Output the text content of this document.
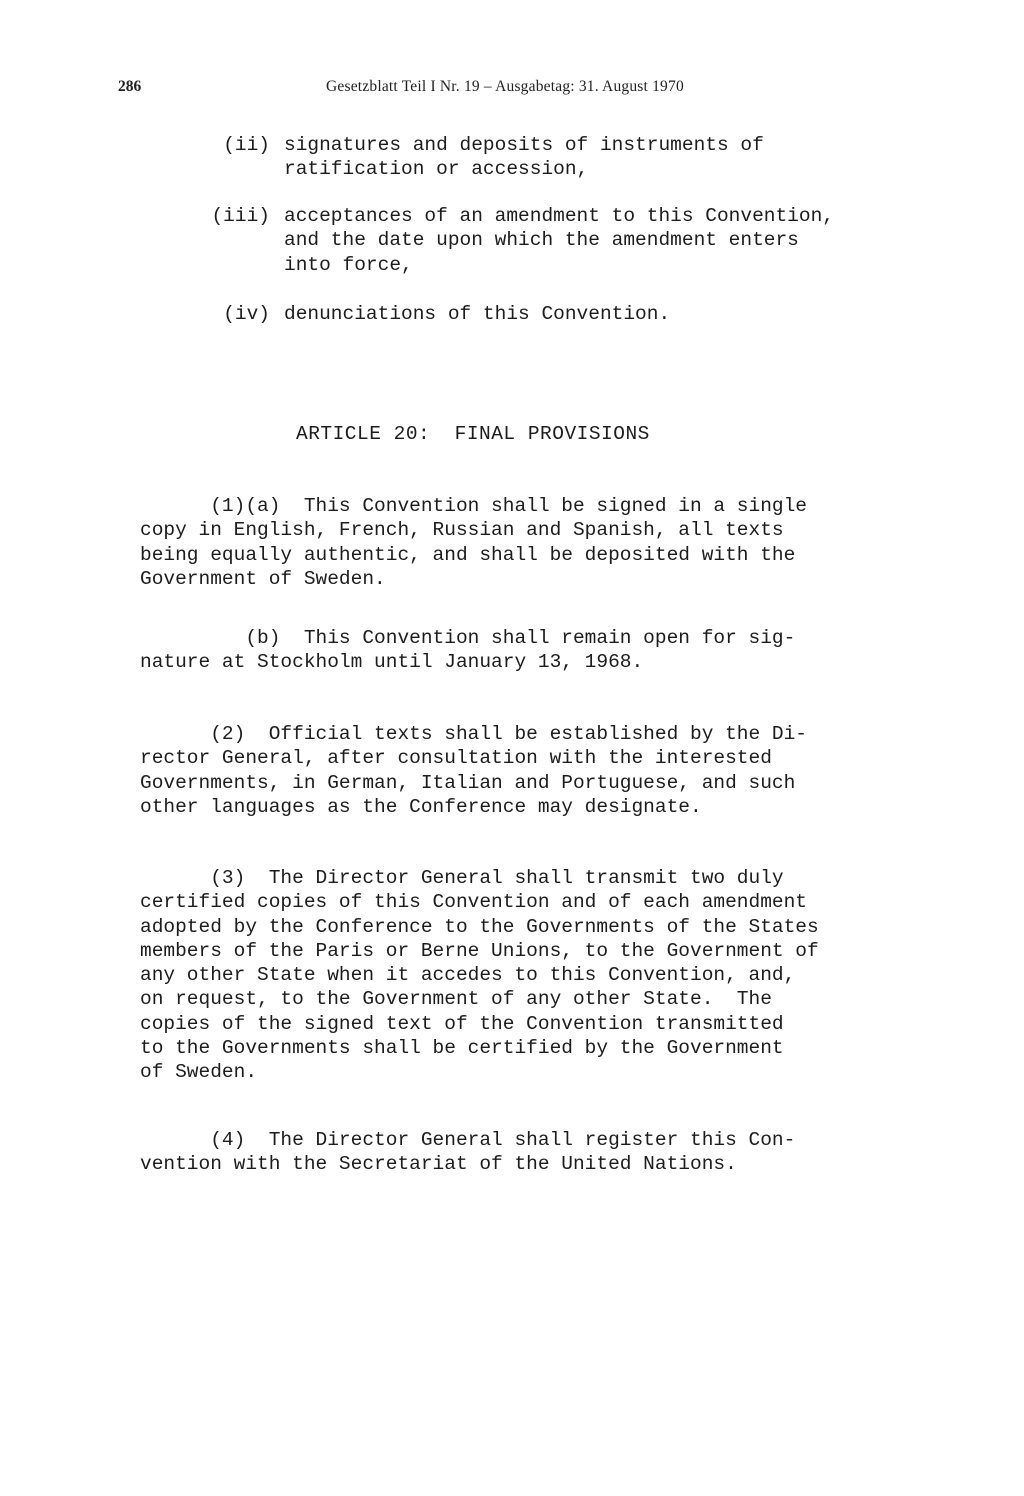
286	Gesetzblatt Teil I Nr. 19 – Ausgabetag: 31. August 1970
(ii) signatures and deposits of instruments of
ratification or accession,
(iii) acceptances of an amendment to this Convention,
and the date upon which the amendment enters
into force,
(iv) denunciations of this Convention.
ARTICLE 20:  FINAL PROVISIONS
(1)(a)  This Convention shall be signed in a single
copy in English, French, Russian and Spanish, all texts
being equally authentic, and shall be deposited with the
Government of Sweden.
(b)  This Convention shall remain open for sig-
nature at Stockholm until January 13, 1968.
(2)  Official texts shall be established by the Di-
rector General, after consultation with the interested
Governments, in German, Italian and Portuguese, and such
other languages as the Conference may designate.
(3)  The Director General shall transmit two duly
certified copies of this Convention and of each amendment
adopted by the Conference to the Governments of the States
members of the Paris or Berne Unions, to the Government of
any other State when it accedes to this Convention, and,
on request, to the Government of any other State.  The
copies of the signed text of the Convention transmitted
to the Governments shall be certified by the Government
of Sweden.
(4)  The Director General shall register this Con-
vention with the Secretariat of the United Nations.
